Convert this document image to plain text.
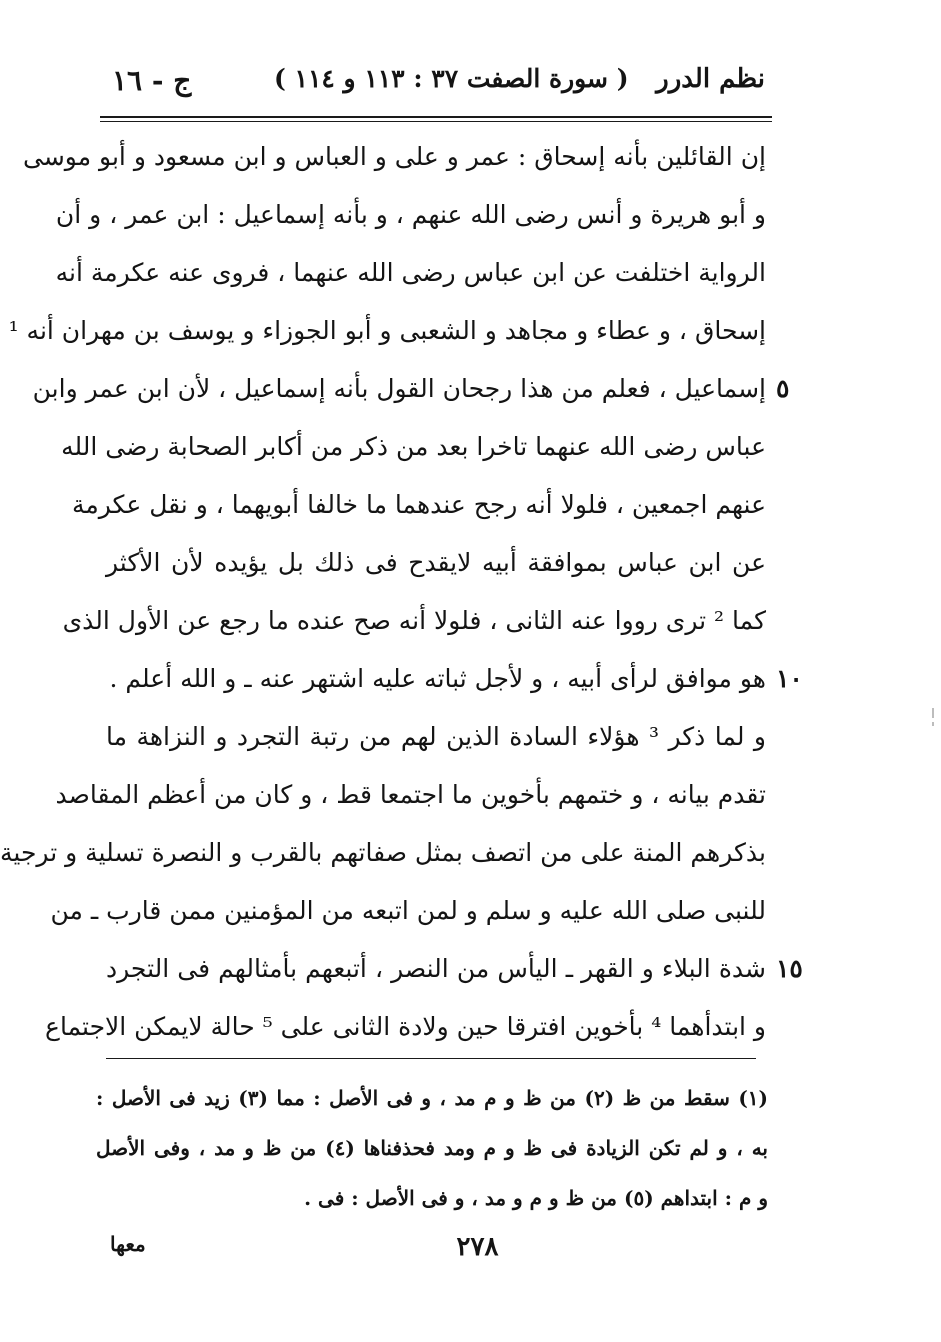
ج - ١٦	( سورة الصفت ٣٧ : ١١٣ و ١١٤ ) نظم الدرر
إن القائلين بأنه إسحاق : عمر و على و العباس و ابن مسعود و أبو موسى
و أبو هريرة و أنس رضى الله عنهم ، و بأنه إسماعيل : ابن عمر ، و أن
الرواية اختلفت عن ابن عباس رضى الله عنهما ، فروى عنه عكرمة أنه
إسحاق ، و عطاء و مجاهد و الشعبى و أبو الجوزاء و يوسف بن مهران أنه ¹
إسماعيل ، فعلم من هذا رجحان القول بأنه إسماعيل ، لأن ابن عمر وابن
عباس رضى الله عنهما تاخرا بعد من ذكر من أكابر الصحابة رضى الله
عنهم اجمعين ، فلولا أنه رجح عندهما ما خالفا أبويهما ، و نقل عكرمة
عن ابن عباس بموافقة أبيه لايقدح فى ذلك بل يؤيده لأن الأكثر
كما ² ترى رووا عنه الثانى ، فلولا أنه صح عنده ما رجع عن الأول الذى
هو موافق لرأى أبيه ، و لأجل ثباته عليه اشتهر عنه ـ و الله أعلم .
و لما ذكر ³ هؤلاء السادة الذين لهم من رتبة التجرد و النزاهة ما
تقدم بيانه ، و ختمهم بأخوين ما اجتمعا قط ، و كان من أعظم المقاصد
بذكرهم المنة على من اتصف بمثل صفاتهم بالقرب و النصرة تسلية و ترجية
للنبى صلى الله عليه و سلم و لمن اتبعه من المؤمنين ممن قارب ـ من
شدة البلاء و القهر ـ اليأس من النصر ، أتبعهم بأمثالهم فى التجرد
و ابتدأهما ⁴ بأخوين افترقا حين ولادة الثانى على ⁵ حالة لايمكن الاجتماع
٥
١٠
١٥
(١) سقط من ظ (٢) من ظ و م مد ، و فى الأصل : مما (٣) زيد فى الأصل :
به ، و لم تكن الزيادة فى ظ و م ومد فحذفناها (٤) من ظ و مد ، وفى الأصل
و م : ابتداهم (٥) من ظ و م و مد ، و فى الأصل : فى .
٢٧٨
معها
